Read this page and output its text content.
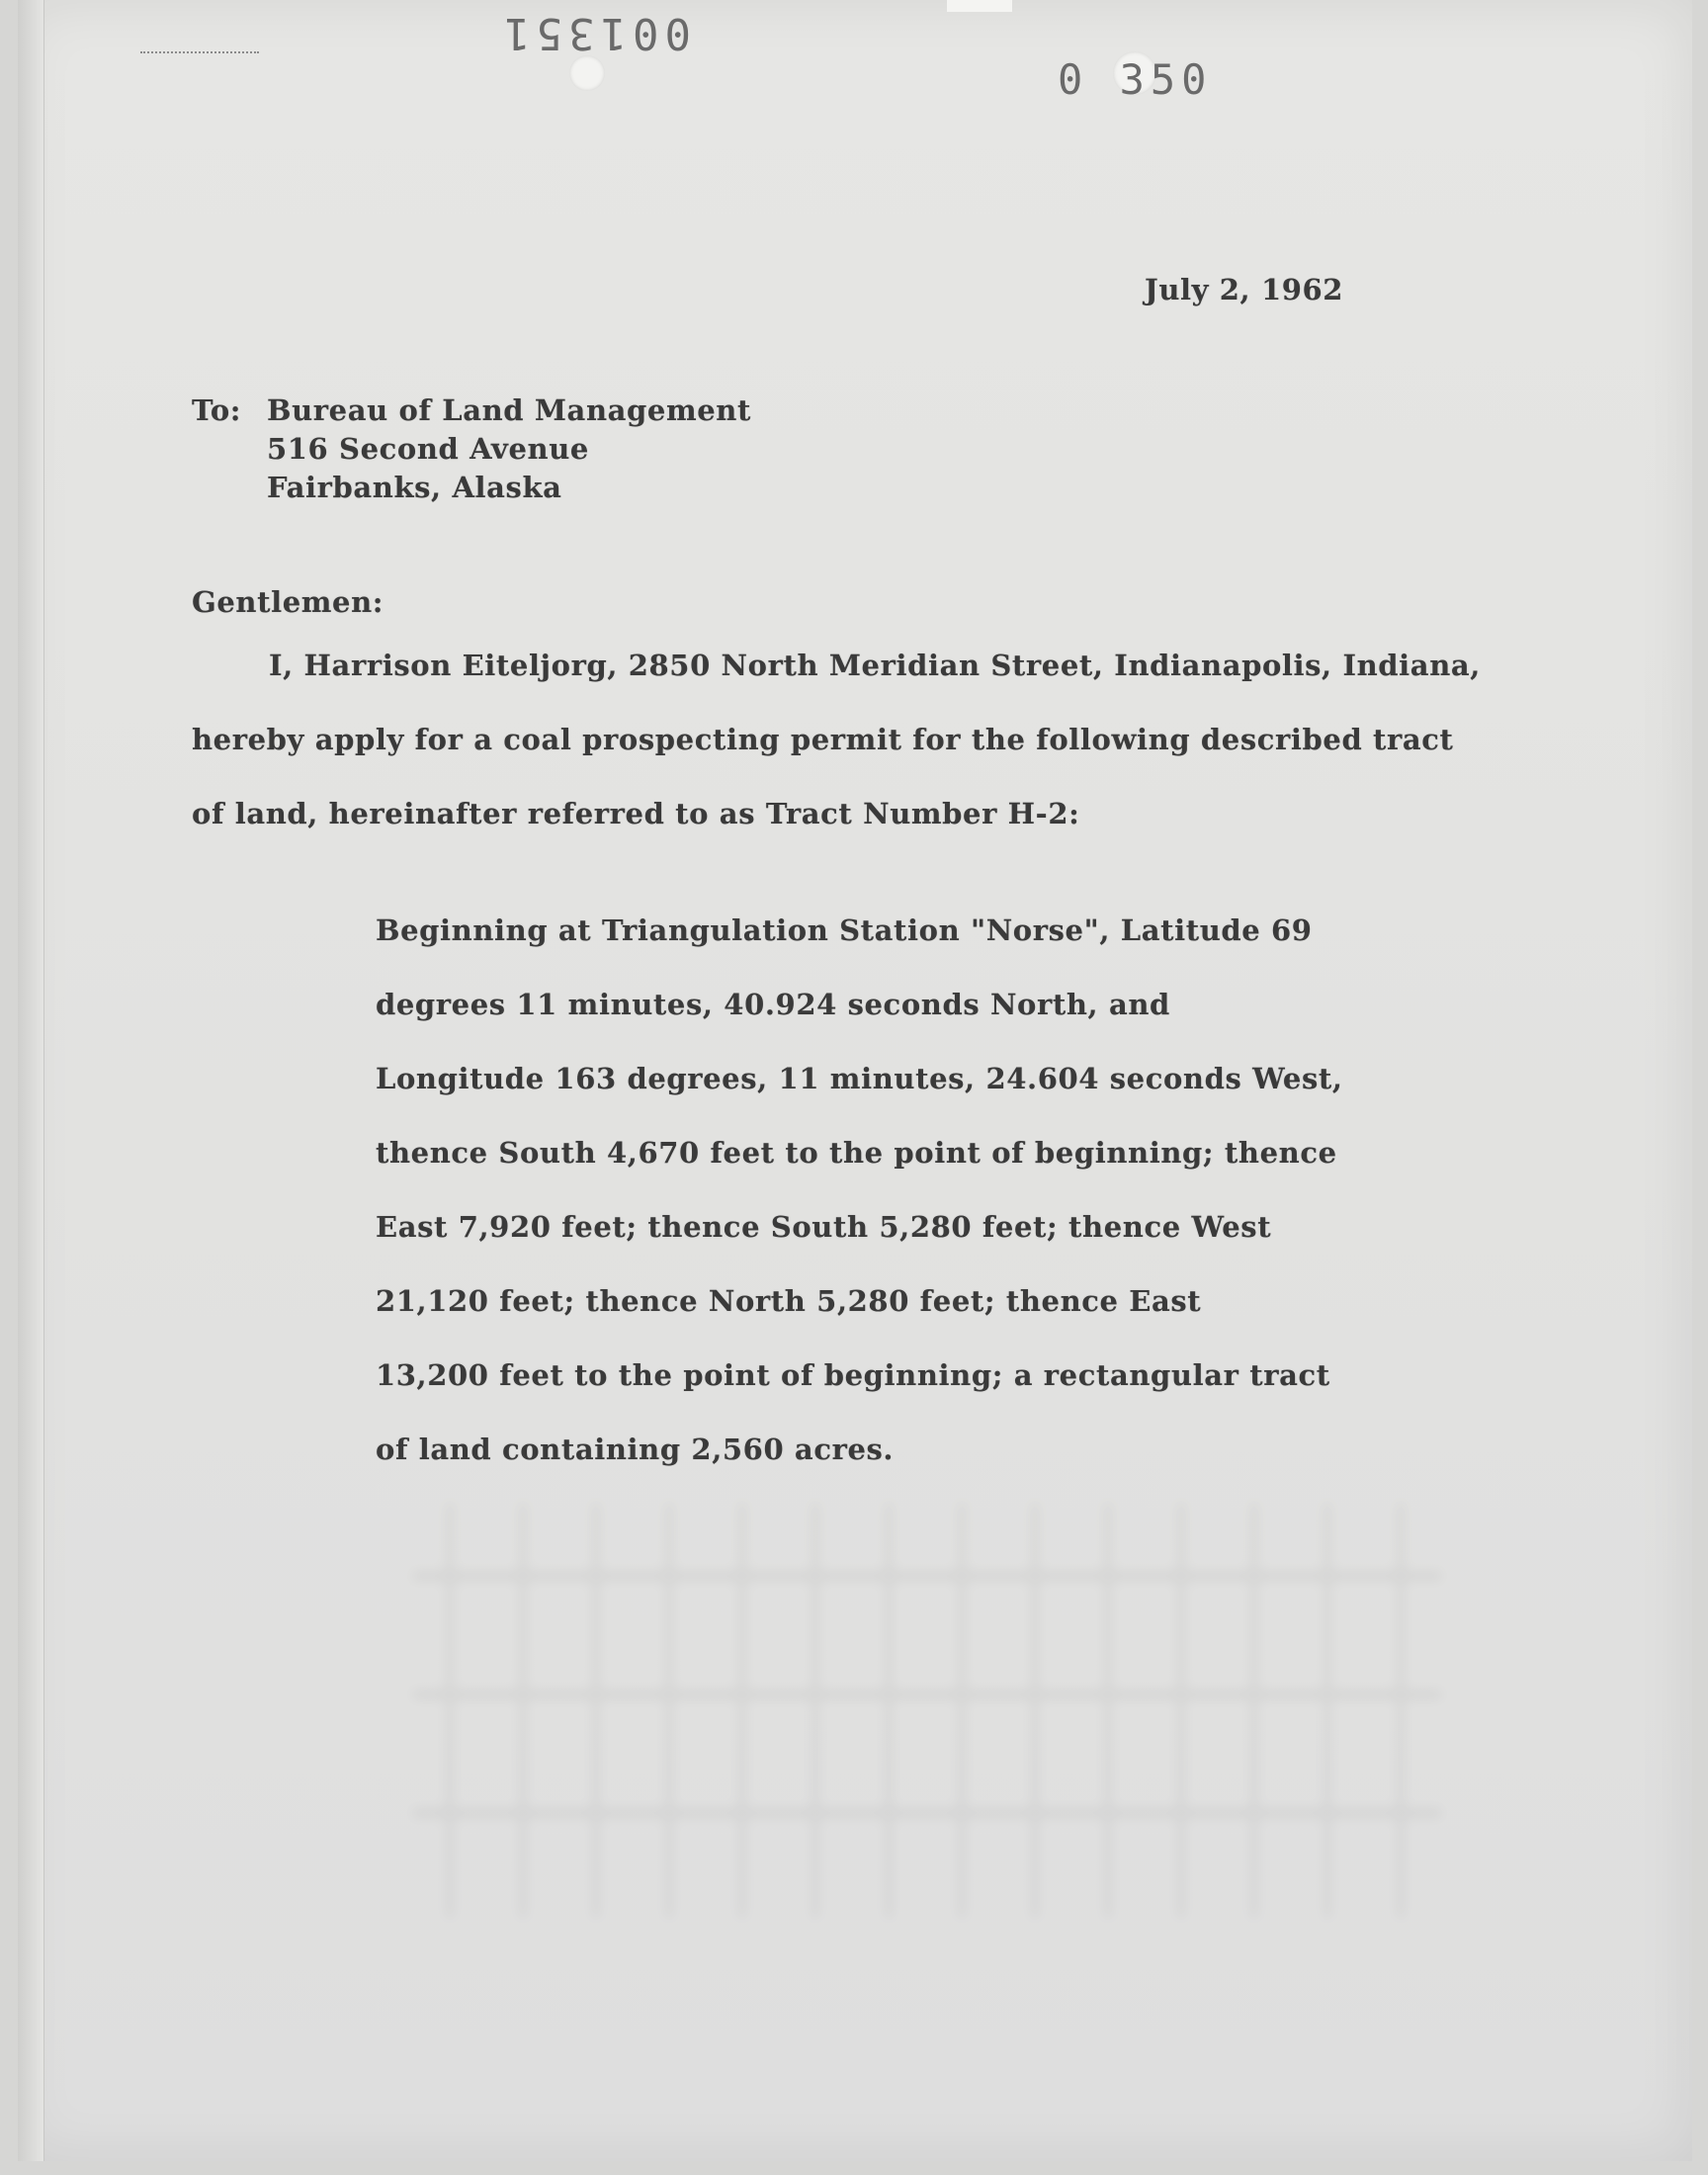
001351
0 350
July 2, 1962
To: Bureau of Land Management
516 Second Avenue
Fairbanks, Alaska
Gentlemen:
I, Harrison Eiteljorg, 2850 North Meridian Street, Indianapolis, Indiana,
hereby apply for a coal prospecting permit for the following described tract
of land, hereinafter referred to as Tract Number H-2:
Beginning at Triangulation Station "Norse", Latitude 69
degrees 11 minutes, 40.924 seconds North, and
Longitude 163 degrees, 11 minutes, 24.604 seconds West,
thence South 4,670 feet to the point of beginning; thence
East 7,920 feet; thence South 5,280 feet; thence West
21,120 feet; thence North 5,280 feet; thence East
13,200 feet to the point of beginning; a rectangular tract
of land containing 2,560 acres.
